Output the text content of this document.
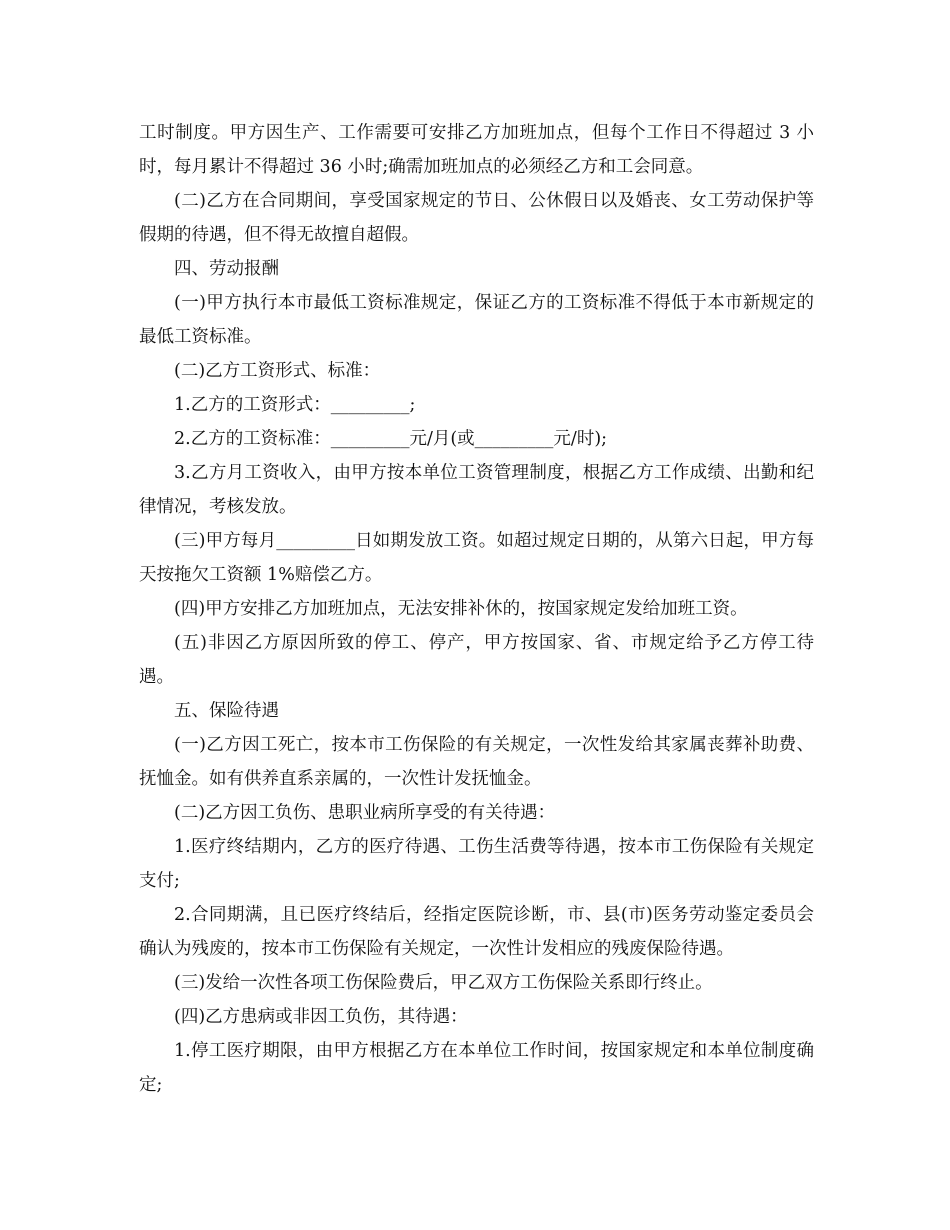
工时制度。甲方因生产、工作需要可安排乙方加班加点，但每个工作日不得超过 3 小时，每月累计不得超过 36 小时;确需加班加点的必须经乙方和工会同意。

(二)乙方在合同期间，享受国家规定的节日、公休假日以及婚丧、女工劳动保护等假期的待遇，但不得无故擅自超假。

四、劳动报酬

(一)甲方执行本市最低工资标准规定，保证乙方的工资标准不得低于本市新规定的最低工资标准。

(二)乙方工资形式、标准：

1.乙方的工资形式：_________;

2.乙方的工资标准：_________元/月(或_________元/时);

3.乙方月工资收入，由甲方按本单位工资管理制度，根据乙方工作成绩、出勤和纪律情况，考核发放。

(三)甲方每月_________日如期发放工资。如超过规定日期的，从第六日起，甲方每天按拖欠工资额 1%赔偿乙方。

(四)甲方安排乙方加班加点，无法安排补休的，按国家规定发给加班工资。

(五)非因乙方原因所致的停工、停产，甲方按国家、省、市规定给予乙方停工待遇。

五、保险待遇

(一)乙方因工死亡，按本市工伤保险的有关规定，一次性发给其家属丧葬补助费、抚恤金。如有供养直系亲属的，一次性计发抚恤金。

(二)乙方因工负伤、患职业病所享受的有关待遇：

1.医疗终结期内，乙方的医疗待遇、工伤生活费等待遇，按本市工伤保险有关规定支付;

2.合同期满，且已医疗终结后，经指定医院诊断，市、县(市)医务劳动鉴定委员会确认为残废的，按本市工伤保险有关规定，一次性计发相应的残废保险待遇。

(三)发给一次性各项工伤保险费后，甲乙双方工伤保险关系即行终止。

(四)乙方患病或非因工负伤，其待遇：

1.停工医疗期限，由甲方根据乙方在本单位工作时间，按国家规定和本单位制度确定;
